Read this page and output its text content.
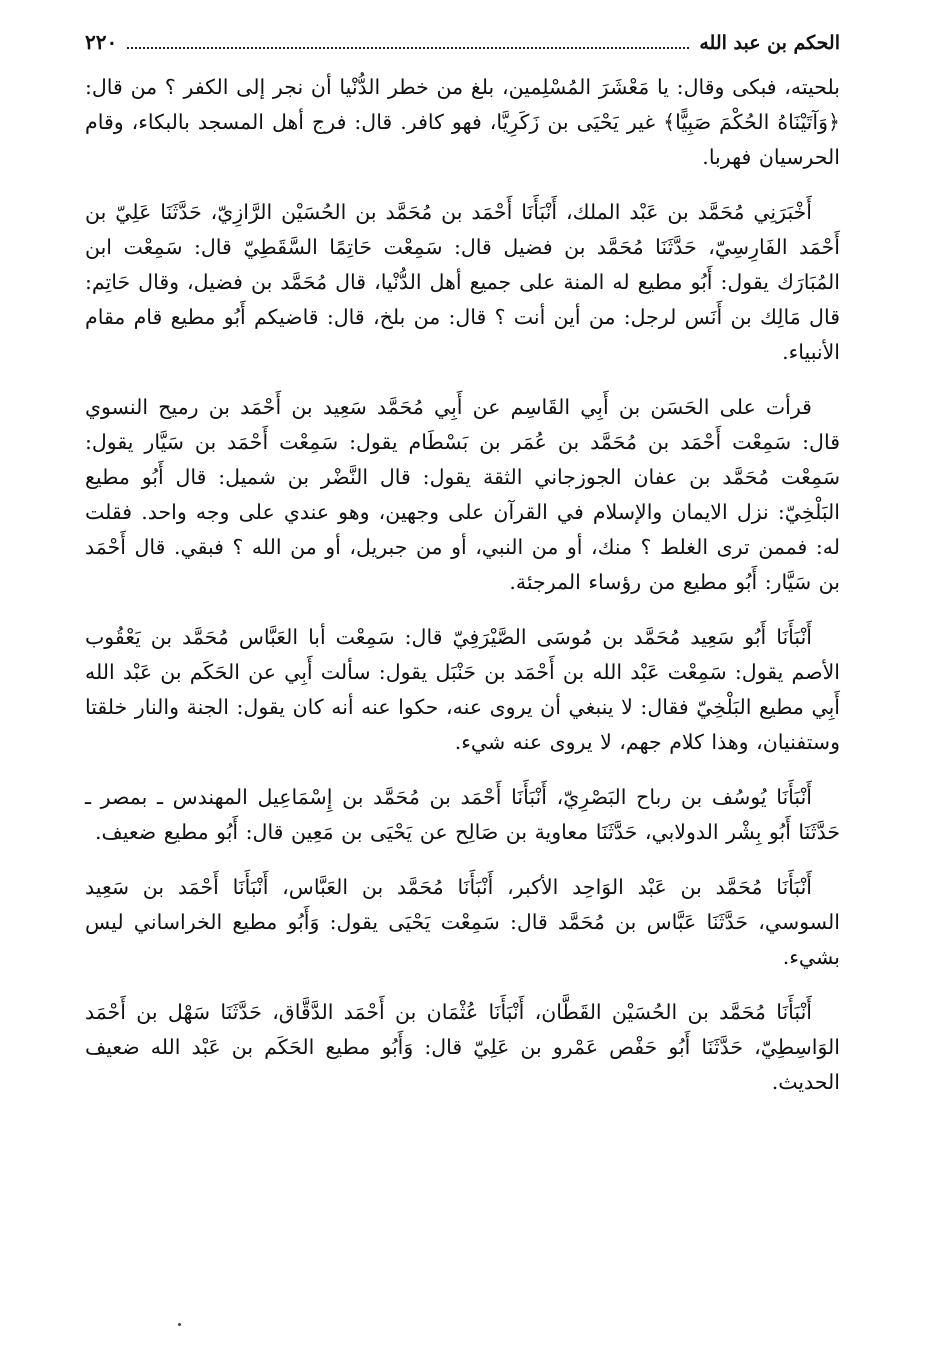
الحكم بن عبد الله
٢٢٠

بلحيته، فبكى وقال: يا مَعْشَرَ المُسْلِمين، بلغ من خطر الدُّنْيا أن نجر إلى الكفر ؟ من قال: ﴿وَآتَيْنَاهُ الحُكْمَ صَبِيًّا﴾ غير يَحْيَى بن زَكَرِيَّا، فهو كافر. قال: فرج أهل المسجد بالبكاء، وقام الحرسيان فهربا.

أَخْبَرَنِي مُحَمَّد بن عَبْد الملك، أَنْبَأَنَا أَحْمَد بن مُحَمَّد بن الحُسَيْن الرَّازِيّ، حَدَّثَنَا عَلِيّ بن أَحْمَد الفَارِسِيّ، حَدَّثَنَا مُحَمَّد بن فضيل قال: سَمِعْت حَاتِمًا السَّقَطِيّ قال: سَمِعْت ابن المُبَارَك يقول: أَبُو مطيع له المنة على جميع أهل الدُّنْيا، قال مُحَمَّد بن فضيل، وقال حَاتِم: قال مَالِك بن أَنَس لرجل: من أين أنت ؟ قال: من بلخ، قال: قاضيكم أَبُو مطيع قام مقام الأنبياء.

قرأت على الحَسَن بن أَبِي القَاسِم عن أَبِي مُحَمَّد سَعِيد بن أَحْمَد بن رميح النسوي قال: سَمِعْت أَحْمَد بن مُحَمَّد بن عُمَر بن بَسْطَام يقول: سَمِعْت أَحْمَد بن سَيَّار يقول: سَمِعْت مُحَمَّد بن عفان الجوزجاني الثقة يقول: قال النَّضْر بن شميل: قال أَبُو مطيع البَلْخِيّ: نزل الايمان والإسلام في القرآن على وجهين، وهو عندي على وجه واحد. فقلت له: فممن ترى الغلط ؟ منك، أو من النبي، أو من جبريل، أو من الله ؟ فبقي. قال أَحْمَد بن سَيَّار: أَبُو مطيع من رؤساء المرجئة.

أَنْبَأَنَا أَبُو سَعِيد مُحَمَّد بن مُوسَى الصَّيْرَفِيّ قال: سَمِعْت أبا العَبَّاس مُحَمَّد بن يَعْقُوب الأصم يقول: سَمِعْت عَبْد الله بن أَحْمَد بن حَنْبَل يقول: سألت أَبِي عن الحَكَم بن عَبْد الله أَبِي مطيع البَلْخِيّ فقال: لا ينبغي أن يروى عنه، حكوا عنه أنه كان يقول: الجنة والنار خلقتا وستفنيان، وهذا كلام جهم، لا يروى عنه شيء.

أَنْبَأَنَا يُوسُف بن رباح البَصْرِيّ، أَنْبَأَنَا أَحْمَد بن مُحَمَّد بن إِسْمَاعِيل المهندس ـ بمصر ـ حَدَّثَنَا أَبُو بِشْر الدولابي، حَدَّثَنَا معاوية بن صَالِح عن يَحْيَى بن مَعِين قال: أَبُو مطيع ضعيف.

أَنْبَأَنَا مُحَمَّد بن عَبْد الوَاحِد الأكبر، أَنْبَأَنَا مُحَمَّد بن العَبَّاس، أَنْبَأَنَا أَحْمَد بن سَعِيد السوسي، حَدَّثَنَا عَبَّاس بن مُحَمَّد قال: سَمِعْت يَحْيَى يقول: وَأَبُو مطيع الخراساني ليس بشيء.

أَنْبَأَنَا مُحَمَّد بن الحُسَيْن القَطَّان، أَنْبَأَنَا عُثْمَان بن أَحْمَد الدَّقَّاق، حَدَّثَنَا سَهْل بن أَحْمَد الوَاسِطِيّ، حَدَّثَنَا أَبُو حَفْص عَمْرو بن عَلِيّ قال: وَأَبُو مطيع الحَكَم بن عَبْد الله ضعيف الحديث.
